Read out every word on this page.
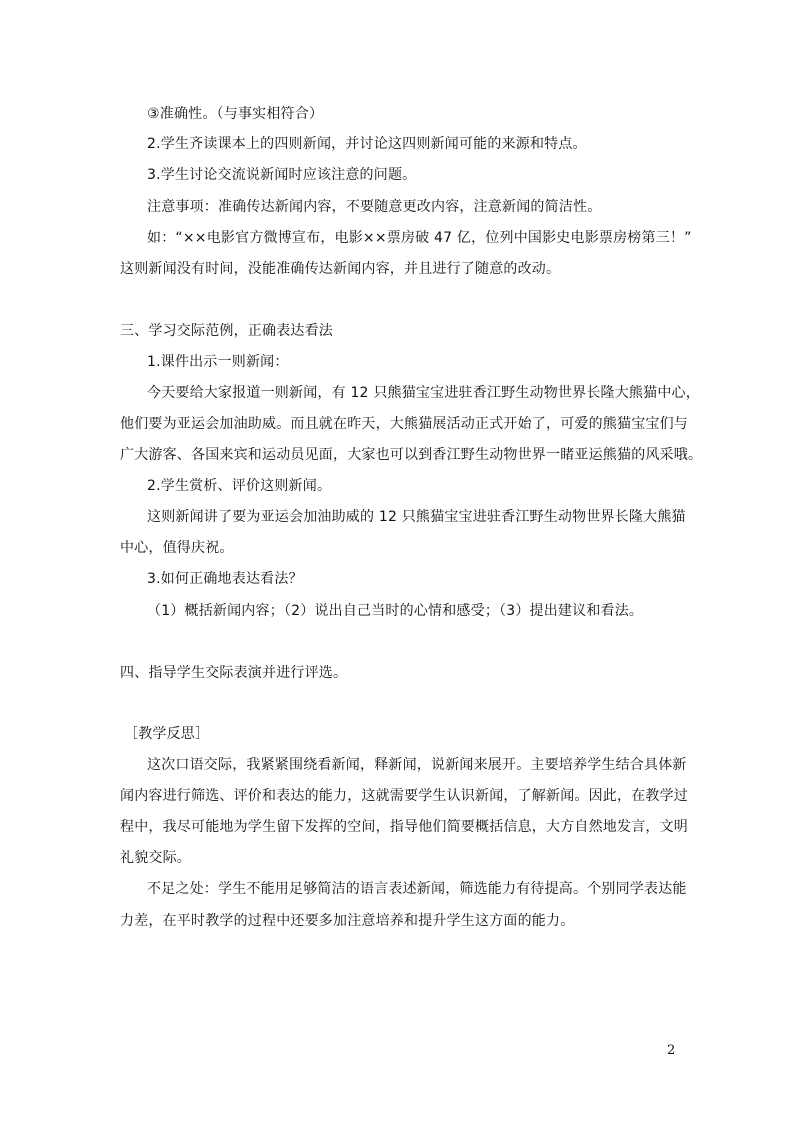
③准确性。（与事实相符合）
2.学生齐读课本上的四则新闻，并讨论这四则新闻可能的来源和特点。
3.学生讨论交流说新闻时应该注意的问题。
注意事项：准确传达新闻内容，不要随意更改内容，注意新闻的简洁性。
如：“××电影官方微博宣布，电影××票房破 47 亿，位列中国影史电影票房榜第三！”
这则新闻没有时间，没能准确传达新闻内容，并且进行了随意的改动。
三、学习交际范例，正确表达看法
1.课件出示一则新闻：
今天要给大家报道一则新闻，有 12 只熊猫宝宝进驻香江野生动物世界长隆大熊猫中心，
他们要为亚运会加油助威。而且就在昨天，大熊猫展活动正式开始了，可爱的熊猫宝宝们与
广大游客、各国来宾和运动员见面，大家也可以到香江野生动物世界一睹亚运熊猫的风采哦。
2.学生赏析、评价这则新闻。
这则新闻讲了要为亚运会加油助威的 12 只熊猫宝宝进驻香江野生动物世界长隆大熊猫
中心，值得庆祝。
3.如何正确地表达看法？
（1）概括新闻内容；（2）说出自己当时的心情和感受；（3）提出建议和看法。
四、指导学生交际表演并进行评选。
［教学反思］
这次口语交际，我紧紧围绕看新闻，释新闻，说新闻来展开。主要培养学生结合具体新
闻内容进行筛选、评价和表达的能力，这就需要学生认识新闻，了解新闻。因此，在教学过
程中，我尽可能地为学生留下发挥的空间，指导他们简要概括信息，大方自然地发言，文明
礼貌交际。
不足之处：学生不能用足够简洁的语言表述新闻，筛选能力有待提高。个别同学表达能
力差，在平时教学的过程中还要多加注意培养和提升学生这方面的能力。
2
